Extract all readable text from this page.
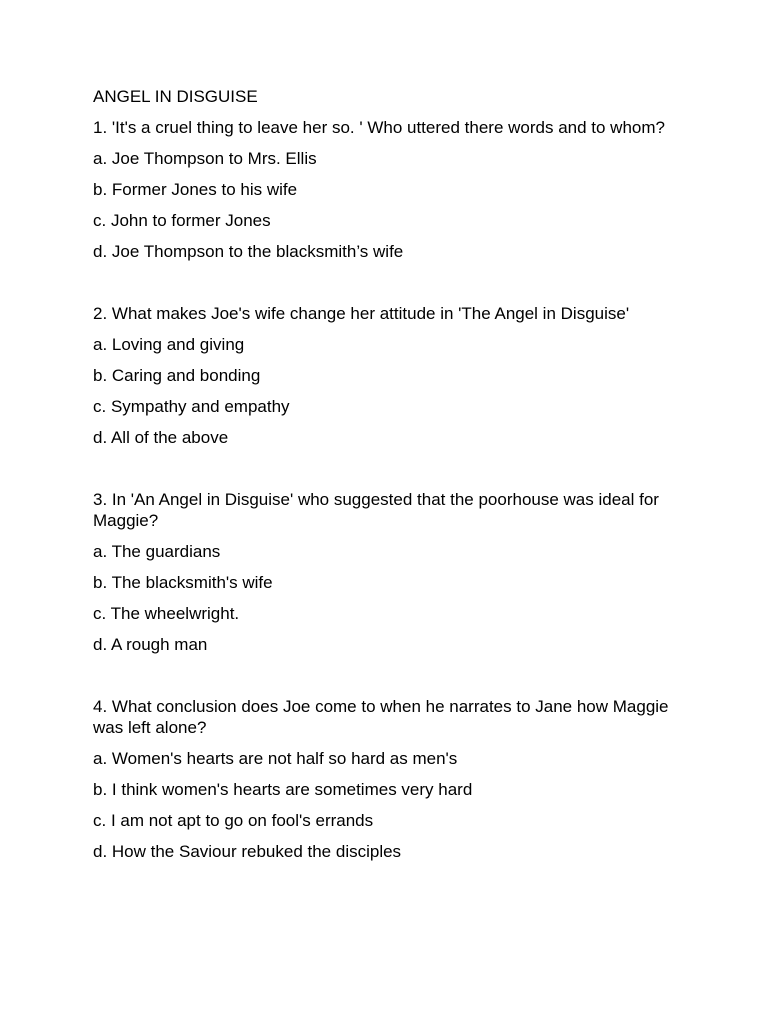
ANGEL IN DISGUISE
1. 'It's a cruel thing to leave her so. ' Who uttered there words and to whom?
a. Joe Thompson to Mrs. Ellis
b. Former Jones to his wife
c. John to former Jones
d. Joe Thompson to the blacksmith’s wife
2. What makes Joe's wife change her attitude in 'The Angel in Disguise'
a. Loving and giving
b. Caring and bonding
c. Sympathy and empathy
d. All of the above
3. In 'An Angel in Disguise' who suggested that the poorhouse was ideal for Maggie?
a. The guardians
b. The blacksmith's wife
c. The wheelwright.
d. A rough man
4. What conclusion does Joe come to when he narrates to Jane how Maggie was left alone?
a. Women's hearts are not half so hard as men's
b. I think women's hearts are sometimes very hard
c. I am not apt to go on fool's errands
d. How the Saviour rebuked the disciples
